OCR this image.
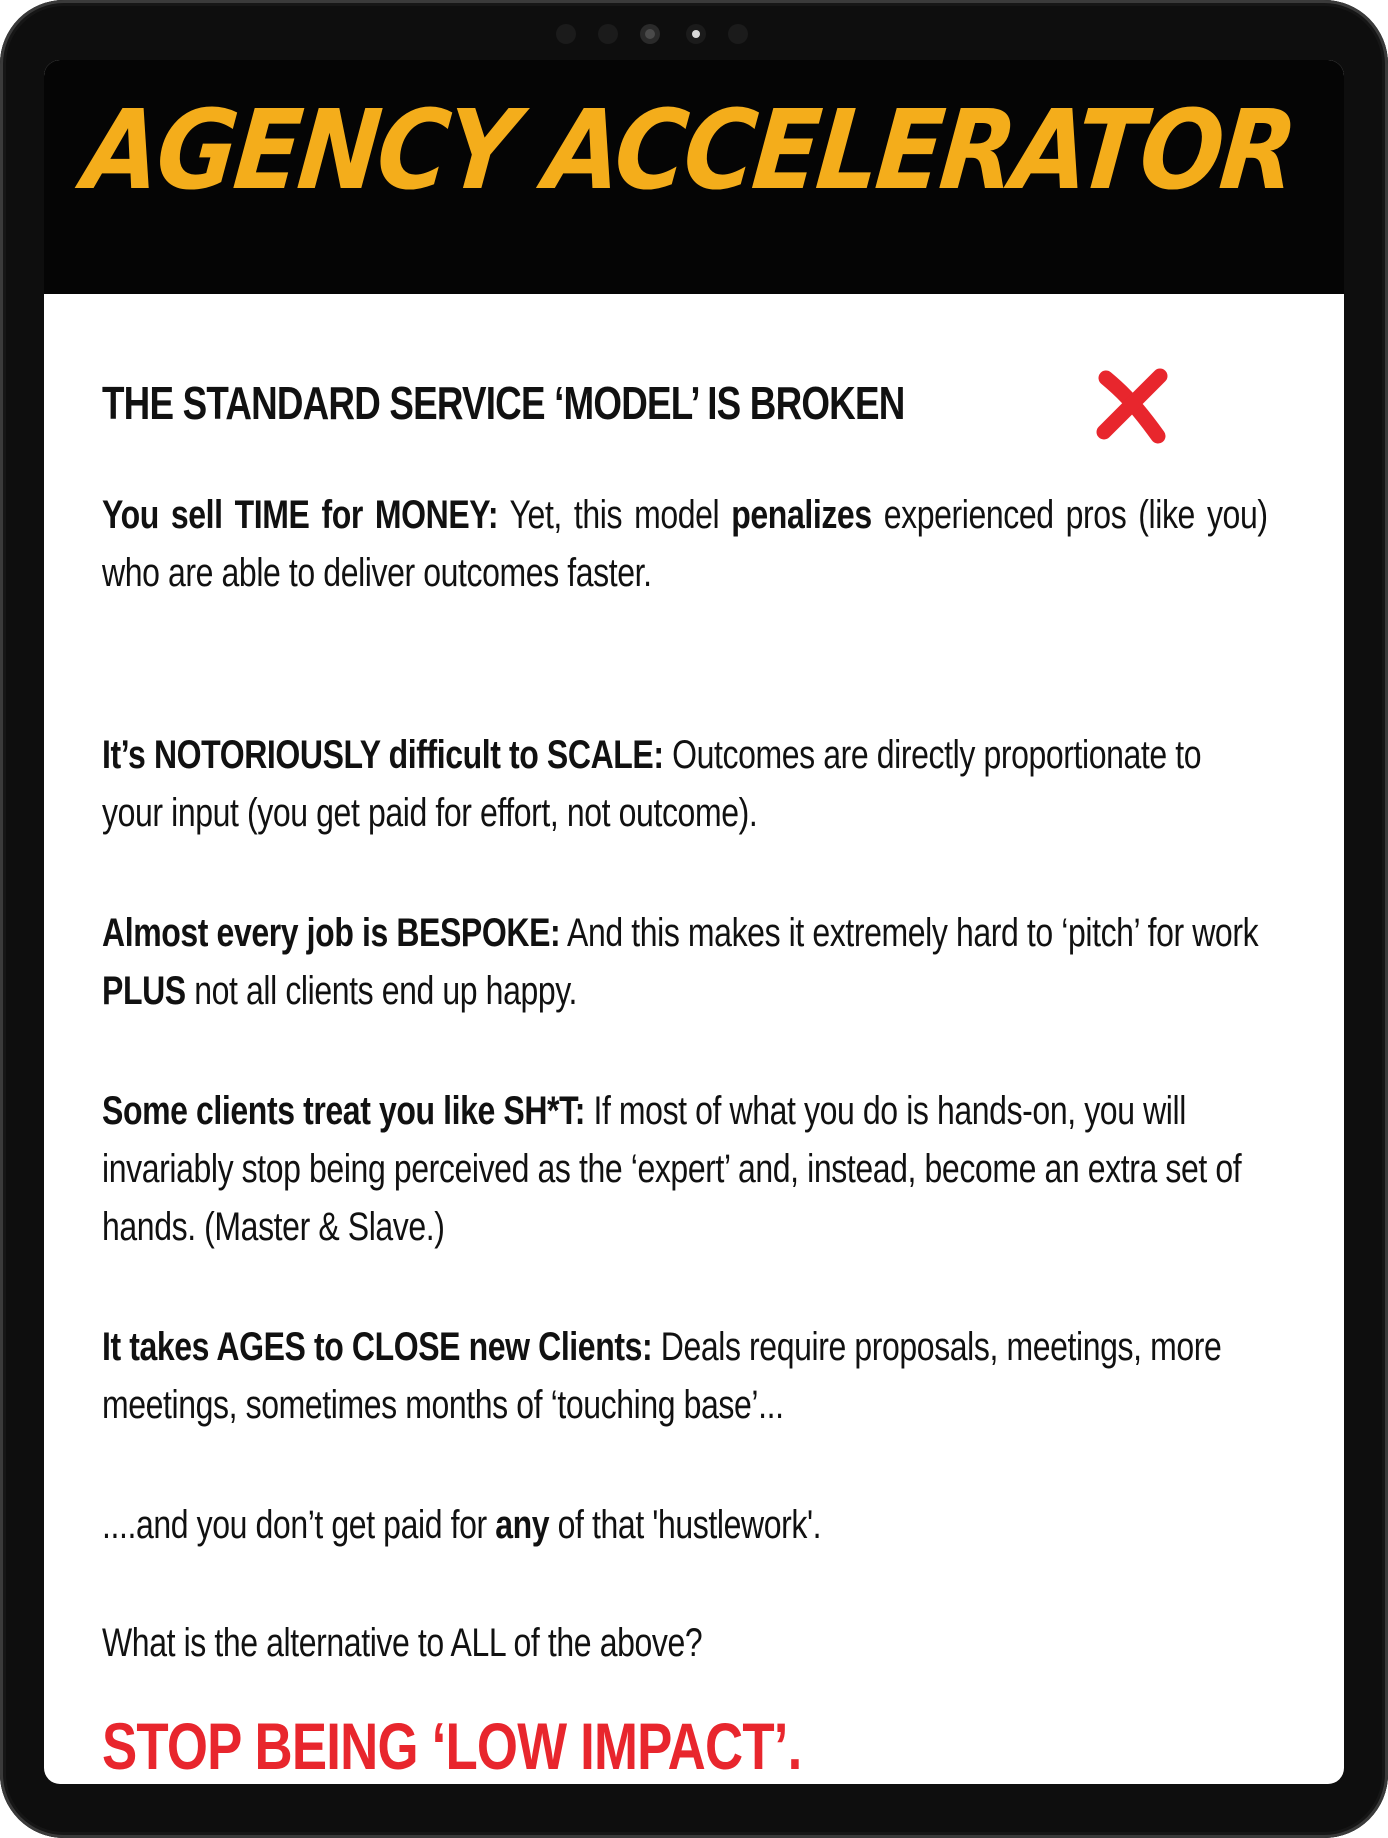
AGENCY ACCELERATOR
THE STANDARD SERVICE ‘MODEL’ IS BROKEN
You sell TIME for MONEY: Yet, this model penalizes experienced pros (like you) who are able to deliver outcomes faster.
It’s NOTORIOUSLY difficult to SCALE: Outcomes are directly proportionate to your input (you get paid for effort, not outcome).
Almost every job is BESPOKE: And this makes it extremely hard to ‘pitch’ for work PLUS not all clients end up happy.
Some clients treat you like SH*T: If most of what you do is hands-on, you will invariably stop being perceived as the ‘expert’ and, instead, become an extra set of hands. (Master & Slave.)
It takes AGES to CLOSE new Clients: Deals require proposals, meetings, more meetings, sometimes months of ‘touching base’...
....and you don’t get paid for any of that 'hustlework'.
What is the alternative to ALL of the above?
STOP BEING ‘LOW IMPACT’.
